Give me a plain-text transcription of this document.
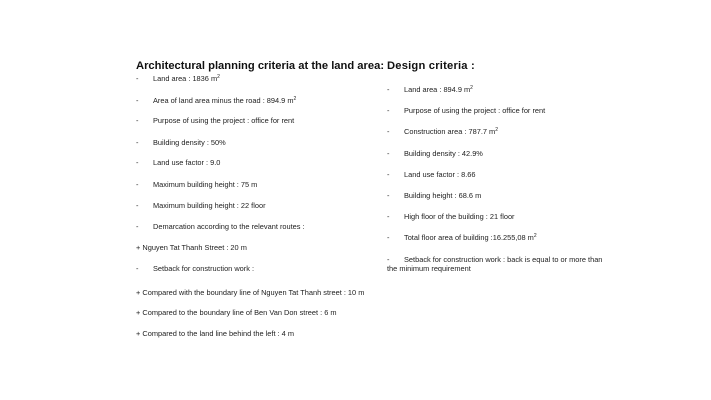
Architectural planning criteria at the land area:
- Land area : 1836 $m^2$
- Area of land area minus the road : 894.9 $m^2$
- Purpose of using the project : office for rent
- Building density : 50%
- Land use factor : 9.0
- Maximum building height : 75 m
- Maximum building height : 22 floor
- Demarcation according to the relevant routes :
+ Nguyen Tat Thanh Street : 20 m
- Setback for construction work :
+ Compared with the boundary line of Nguyen Tat Thanh street : 10 m
+ Compared to the boundary line of Ben Van Don street : 6 m
+ Compared to the land line behind the left : 4 m
Design criteria :
- Land area : 894.9 $m^2$
- Purpose of using the project : office for rent
- Construction area : 787.7 $m^2$
- Building density : 42.9%
- Land use factor : 8.66
- Building height : 68.6 m
- High floor of the building : 21 floor
- Total floor area of building :16.255,08 $m^2$
-	Setback for construction work : back is equal to or more than the minimum requirement
